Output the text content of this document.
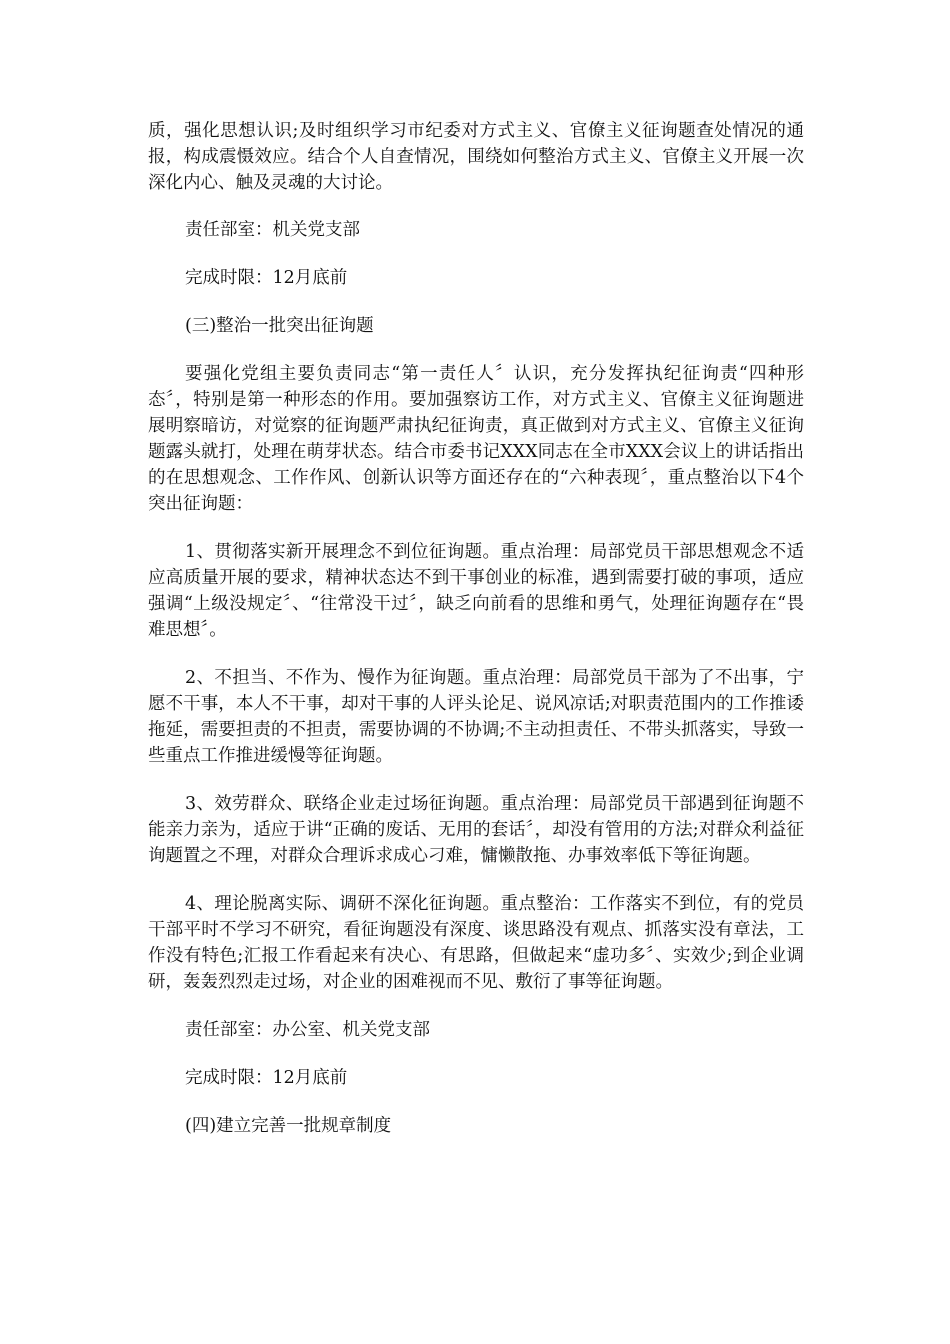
质，强化思想认识;及时组织学习市纪委对方式主义、官僚主义征询题查处情况的通报，构成震慑效应。结合个人自查情况，围绕如何整治方式主义、官僚主义开展一次深化内心、触及灵魂的大讨论。

责任部室：机关党支部

完成时限：12月底前

(三)整治一批突出征询题

要强化党组主要负责同志“第一责任人〞认识，充分发挥执纪征询责“四种形态〞，特别是第一种形态的作用。要加强察访工作，对方式主义、官僚主义征询题进展明察暗访，对觉察的征询题严肃执纪征询责，真正做到对方式主义、官僚主义征询题露头就打，处理在萌芽状态。结合市委书记XXX同志在全市XXX会议上的讲话指出的在思想观念、工作作风、创新认识等方面还存在的“六种表现〞，重点整治以下4个突出征询题：

1、贯彻落实新开展理念不到位征询题。重点治理：局部党员干部思想观念不适应高质量开展的要求，精神状态达不到干事创业的标准，遇到需要打破的事项，适应强调“上级没规定〞、“往常没干过〞，缺乏向前看的思维和勇气，处理征询题存在“畏难思想〞。

2、不担当、不作为、慢作为征询题。重点治理：局部党员干部为了不出事，宁愿不干事，本人不干事，却对干事的人评头论足、说风凉话;对职责范围内的工作推诿拖延，需要担责的不担责，需要协调的不协调;不主动担责任、不带头抓落实，导致一些重点工作推进缓慢等征询题。

3、效劳群众、联络企业走过场征询题。重点治理：局部党员干部遇到征询题不能亲力亲为，适应于讲“正确的废话、无用的套话〞，却没有管用的方法;对群众利益征询题置之不理，对群众合理诉求成心刁难，慵懒散拖、办事效率低下等征询题。

4、理论脱离实际、调研不深化征询题。重点整治：工作落实不到位，有的党员干部平时不学习不研究，看征询题没有深度、谈思路没有观点、抓落实没有章法，工作没有特色;汇报工作看起来有决心、有思路，但做起来“虚功多〞、实效少;到企业调研，轰轰烈烈走过场，对企业的困难视而不见、敷衍了事等征询题。

责任部室：办公室、机关党支部

完成时限：12月底前

(四)建立完善一批规章制度
